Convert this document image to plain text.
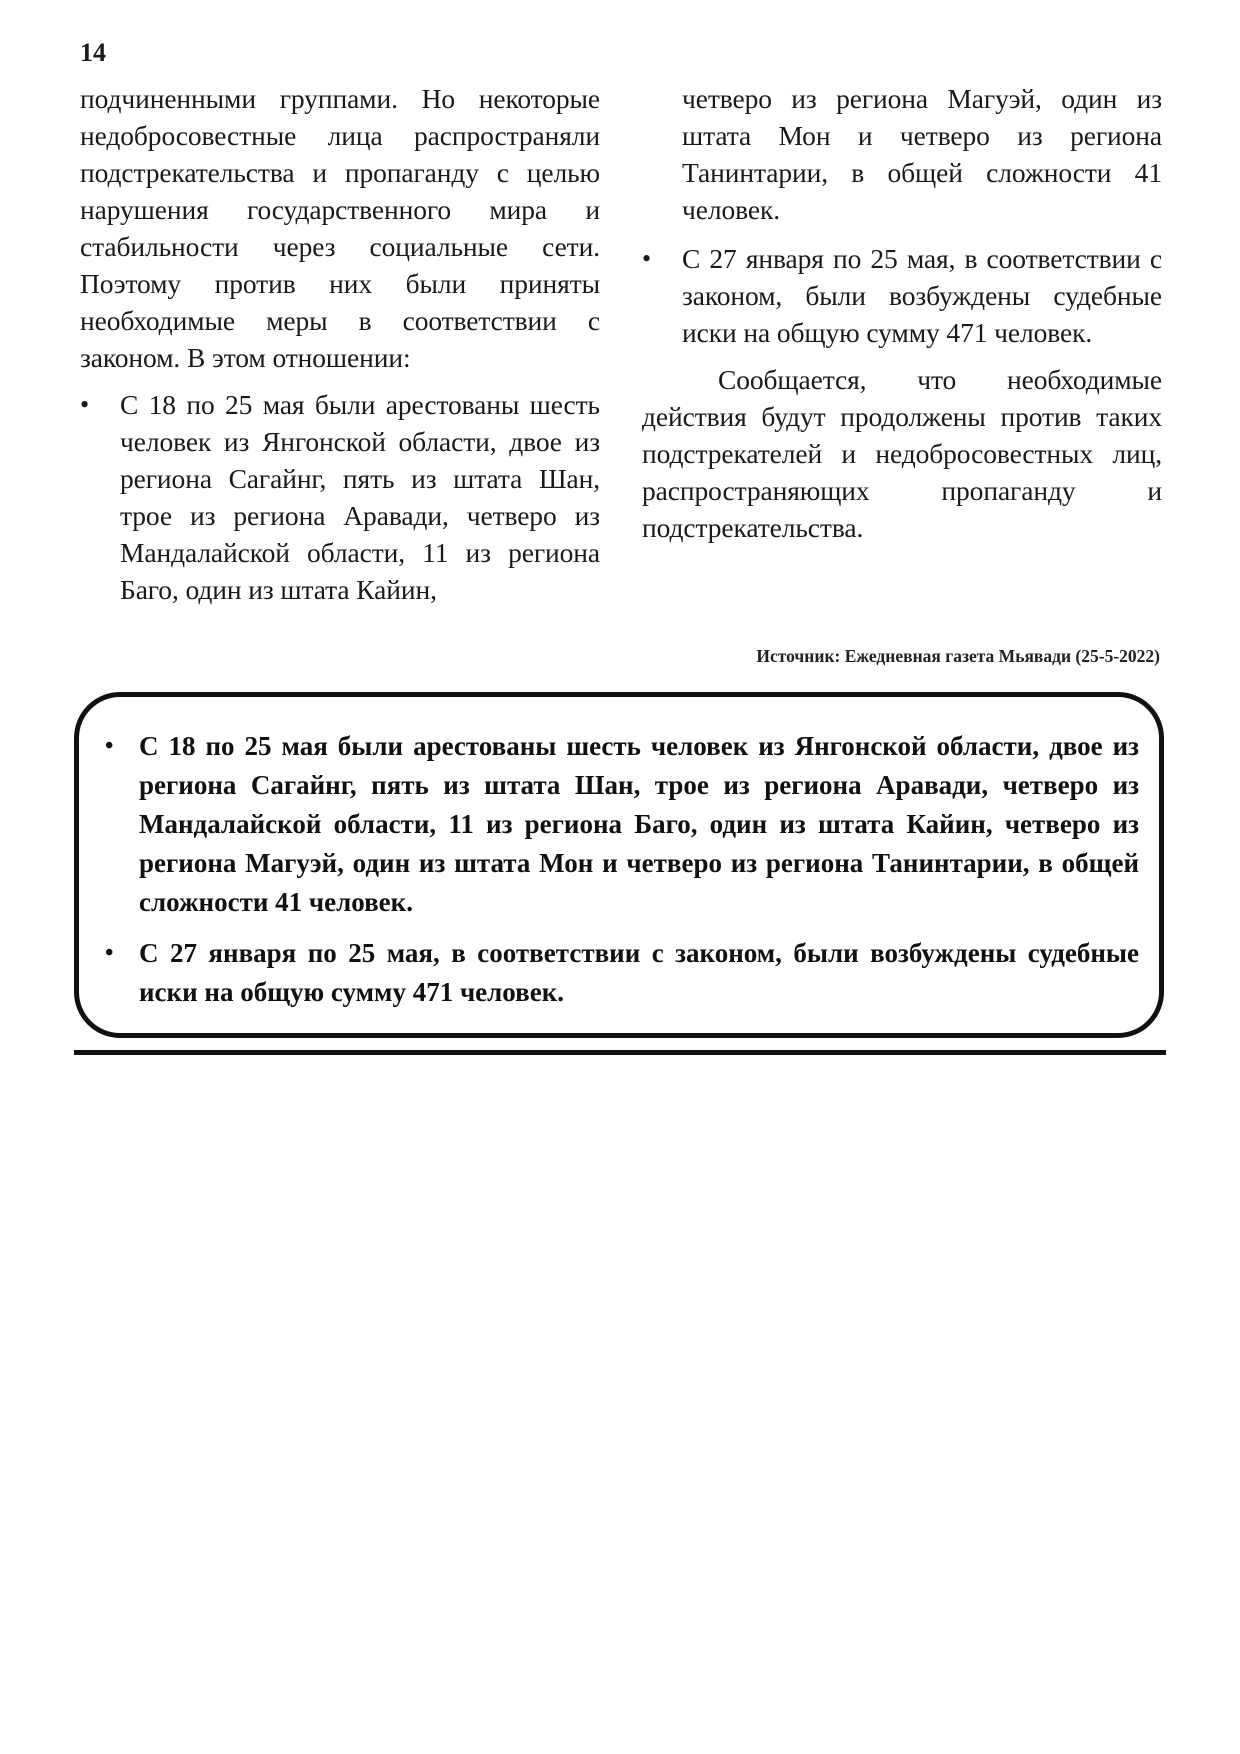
14

подчиненными группами. Но некоторые недобросовестные лица распространяли подстрекательства и пропаганду с целью нарушения государственного мира и стабильности через социальные сети. Поэтому против них были приняты необходимые меры в соответствии с законом. В этом отношении:

• С 18 по 25 мая были арестованы шесть человек из Янгонской области, двое из региона Сагайнг, пять из штата Шан, трое из региона Аравади, четверо из Мандалайской области, 11 из региона Баго, один из штата Кайин,
четверо из региона Магуэй, один из штата Мон и четверо из региона Танинтарии, в общей сложности 41 человек.
• С 27 января по 25 мая, в соответствии с законом, были возбуждены судебные иски на общую сумму 471 человек.

Сообщается, что необходимые действия будут продолжены против таких подстрекателей и недобросовестных лиц, распространяющих пропаганду и подстрекательства.

Источник: Ежедневная газета Мьявади (25-5-2022)
• С 18 по 25 мая были арестованы шесть человек из Янгонской области, двое из региона Сагайнг, пять из штата Шан, трое из региона Аравади, четверо из Мандалайской области, 11 из региона Баго, один из штата Кайин, четверо из региона Магуэй, один из штата Мон и четверо из региона Танинтарии, в общей сложности 41 человек.
• С 27 января по 25 мая, в соответствии с законом, были возбуждены судебные иски на общую сумму 471 человек.
